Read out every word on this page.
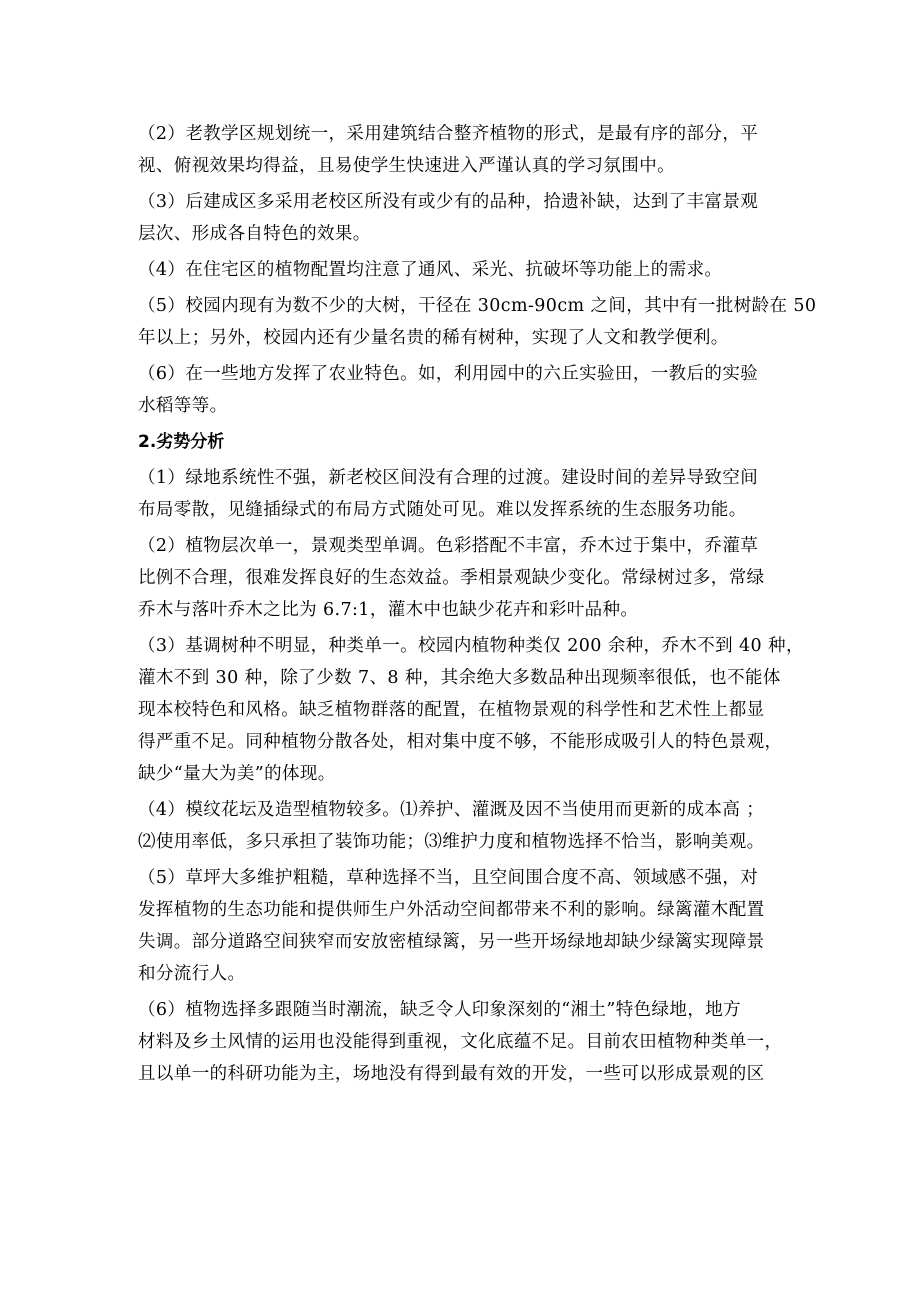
（2）老教学区规划统一，采用建筑结合整齐植物的形式，是最有序的部分，平
视、俯视效果均得益，且易使学生快速进入严谨认真的学习氛围中。
（3）后建成区多采用老校区所没有或少有的品种，拾遗补缺，达到了丰富景观
层次、形成各自特色的效果。
（4）在住宅区的植物配置均注意了通风、采光、抗破坏等功能上的需求。
（5）校园内现有为数不少的大树，干径在 30cm-90cm 之间，其中有一批树龄在 50
年以上；另外，校园内还有少量名贵的稀有树种，实现了人文和教学便利。
（6）在一些地方发挥了农业特色。如，利用园中的六丘实验田，一教后的实验
水稻等等。
2.劣势分析
（1）绿地系统性不强，新老校区间没有合理的过渡。建设时间的差异导致空间
布局零散，见缝插绿式的布局方式随处可见。难以发挥系统的生态服务功能。
（2）植物层次单一，景观类型单调。色彩搭配不丰富，乔木过于集中，乔灌草
比例不合理，很难发挥良好的生态效益。季相景观缺少变化。常绿树过多，常绿
乔木与落叶乔木之比为 6.7:1，灌木中也缺少花卉和彩叶品种。
（3）基调树种不明显，种类单一。校园内植物种类仅 200 余种，乔木不到 40 种，
灌木不到 30 种，除了少数 7、8 种，其余绝大多数品种出现频率很低，也不能体
现本校特色和风格。缺乏植物群落的配置，在植物景观的科学性和艺术性上都显
得严重不足。同种植物分散各处，相对集中度不够，不能形成吸引人的特色景观，
缺少“量大为美”的体现。
（4）模纹花坛及造型植物较多。⑴养护、灌溉及因不当使用而更新的成本高 ；
⑵使用率低，多只承担了装饰功能；⑶维护力度和植物选择不恰当，影响美观。
（5）草坪大多维护粗糙，草种选择不当，且空间围合度不高、领域感不强，对
发挥植物的生态功能和提供师生户外活动空间都带来不利的影响。绿篱灌木配置
失调。部分道路空间狭窄而安放密植绿篱，另一些开场绿地却缺少绿篱实现障景
和分流行人。
（6）植物选择多跟随当时潮流，缺乏令人印象深刻的“湘土”特色绿地，地方
材料及乡土风情的运用也没能得到重视，文化底蕴不足。目前农田植物种类单一，
且以单一的科研功能为主，场地没有得到最有效的开发，一些可以形成景观的区
